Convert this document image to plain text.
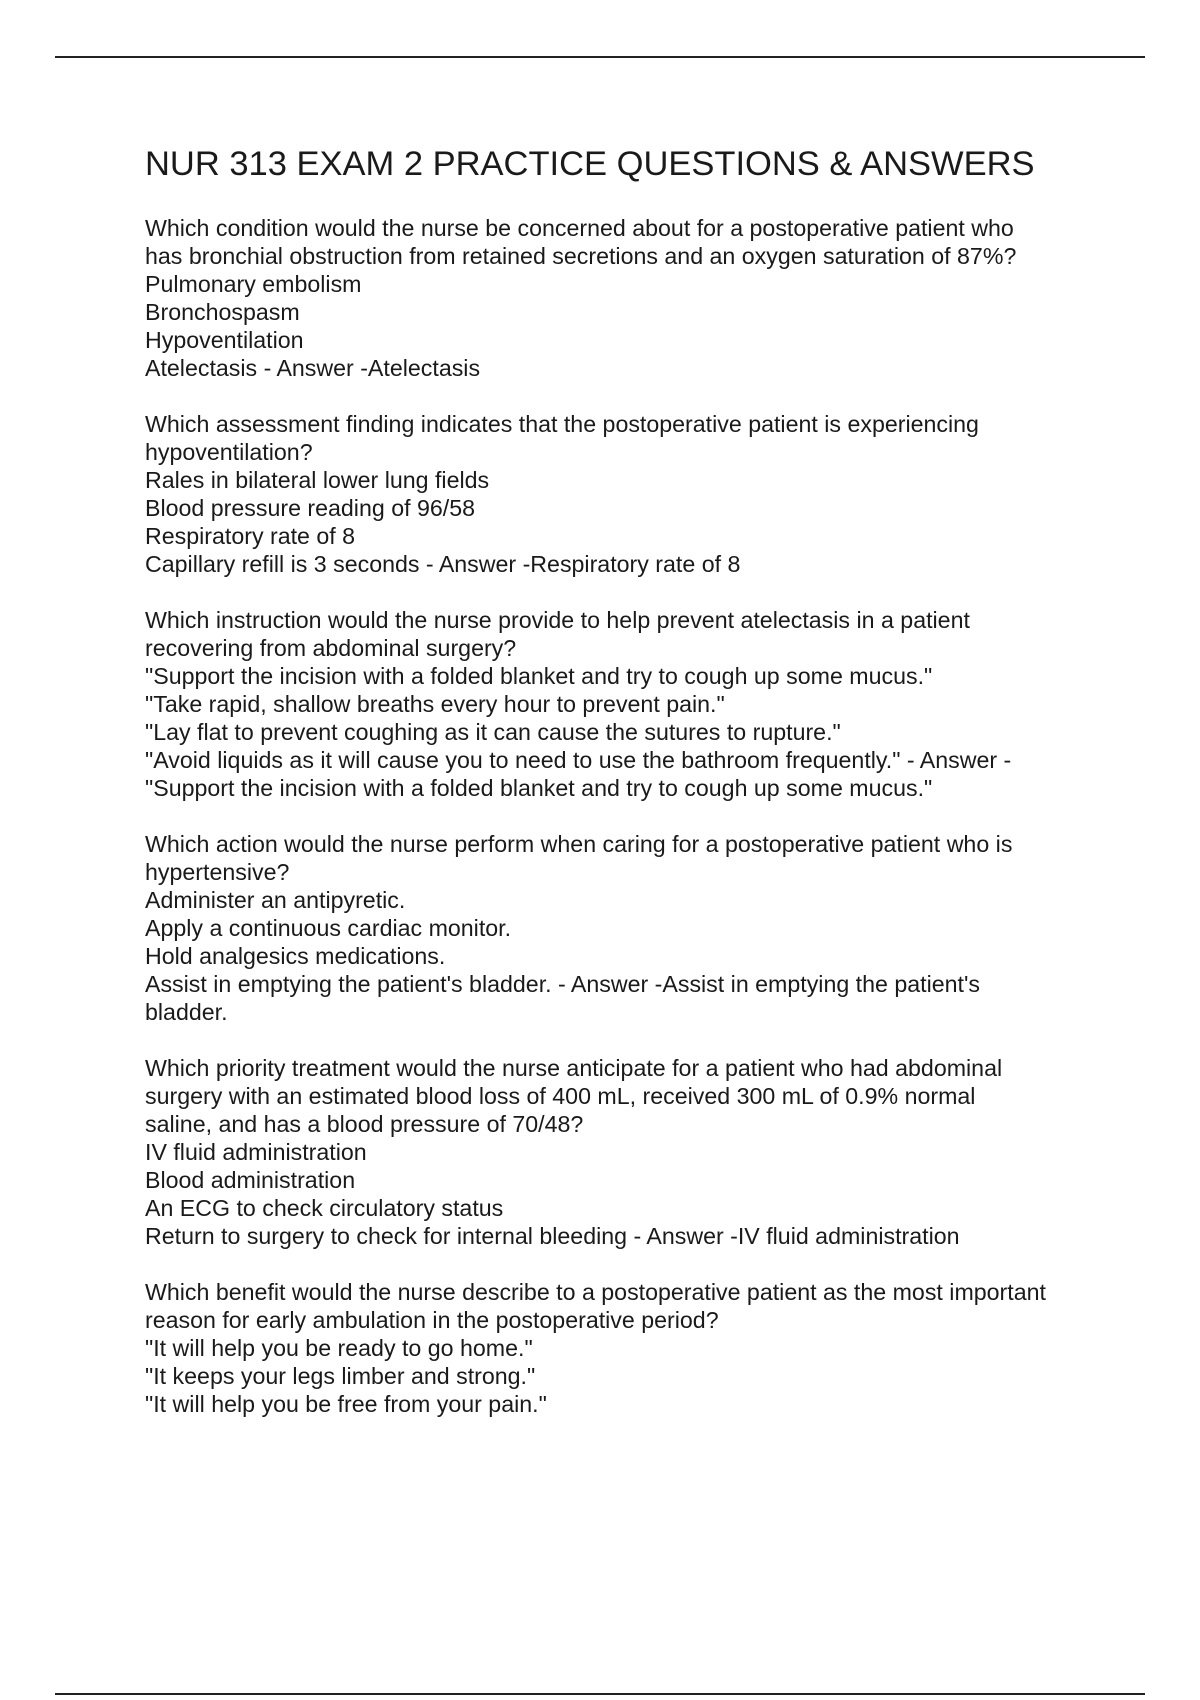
NUR 313 EXAM 2 PRACTICE QUESTIONS & ANSWERS
Which condition would the nurse be concerned about for a postoperative patient who
has bronchial obstruction from retained secretions and an oxygen saturation of 87%?
Pulmonary embolism
Bronchospasm
Hypoventilation
Atelectasis - Answer -Atelectasis
Which assessment finding indicates that the postoperative patient is experiencing
hypoventilation?
Rales in bilateral lower lung fields
Blood pressure reading of 96/58
Respiratory rate of 8
Capillary refill is 3 seconds - Answer -Respiratory rate of 8
Which instruction would the nurse provide to help prevent atelectasis in a patient
recovering from abdominal surgery?
"Support the incision with a folded blanket and try to cough up some mucus."
"Take rapid, shallow breaths every hour to prevent pain."
"Lay flat to prevent coughing as it can cause the sutures to rupture."
"Avoid liquids as it will cause you to need to use the bathroom frequently." - Answer -
"Support the incision with a folded blanket and try to cough up some mucus."
Which action would the nurse perform when caring for a postoperative patient who is
hypertensive?
Administer an antipyretic.
Apply a continuous cardiac monitor.
Hold analgesics medications.
Assist in emptying the patient's bladder. - Answer -Assist in emptying the patient's
bladder.
Which priority treatment would the nurse anticipate for a patient who had abdominal
surgery with an estimated blood loss of 400 mL, received 300 mL of 0.9% normal
saline, and has a blood pressure of 70/48?
IV fluid administration
Blood administration
An ECG to check circulatory status
Return to surgery to check for internal bleeding - Answer -IV fluid administration
Which benefit would the nurse describe to a postoperative patient as the most important
reason for early ambulation in the postoperative period?
"It will help you be ready to go home."
"It keeps your legs limber and strong."
"It will help you be free from your pain."
